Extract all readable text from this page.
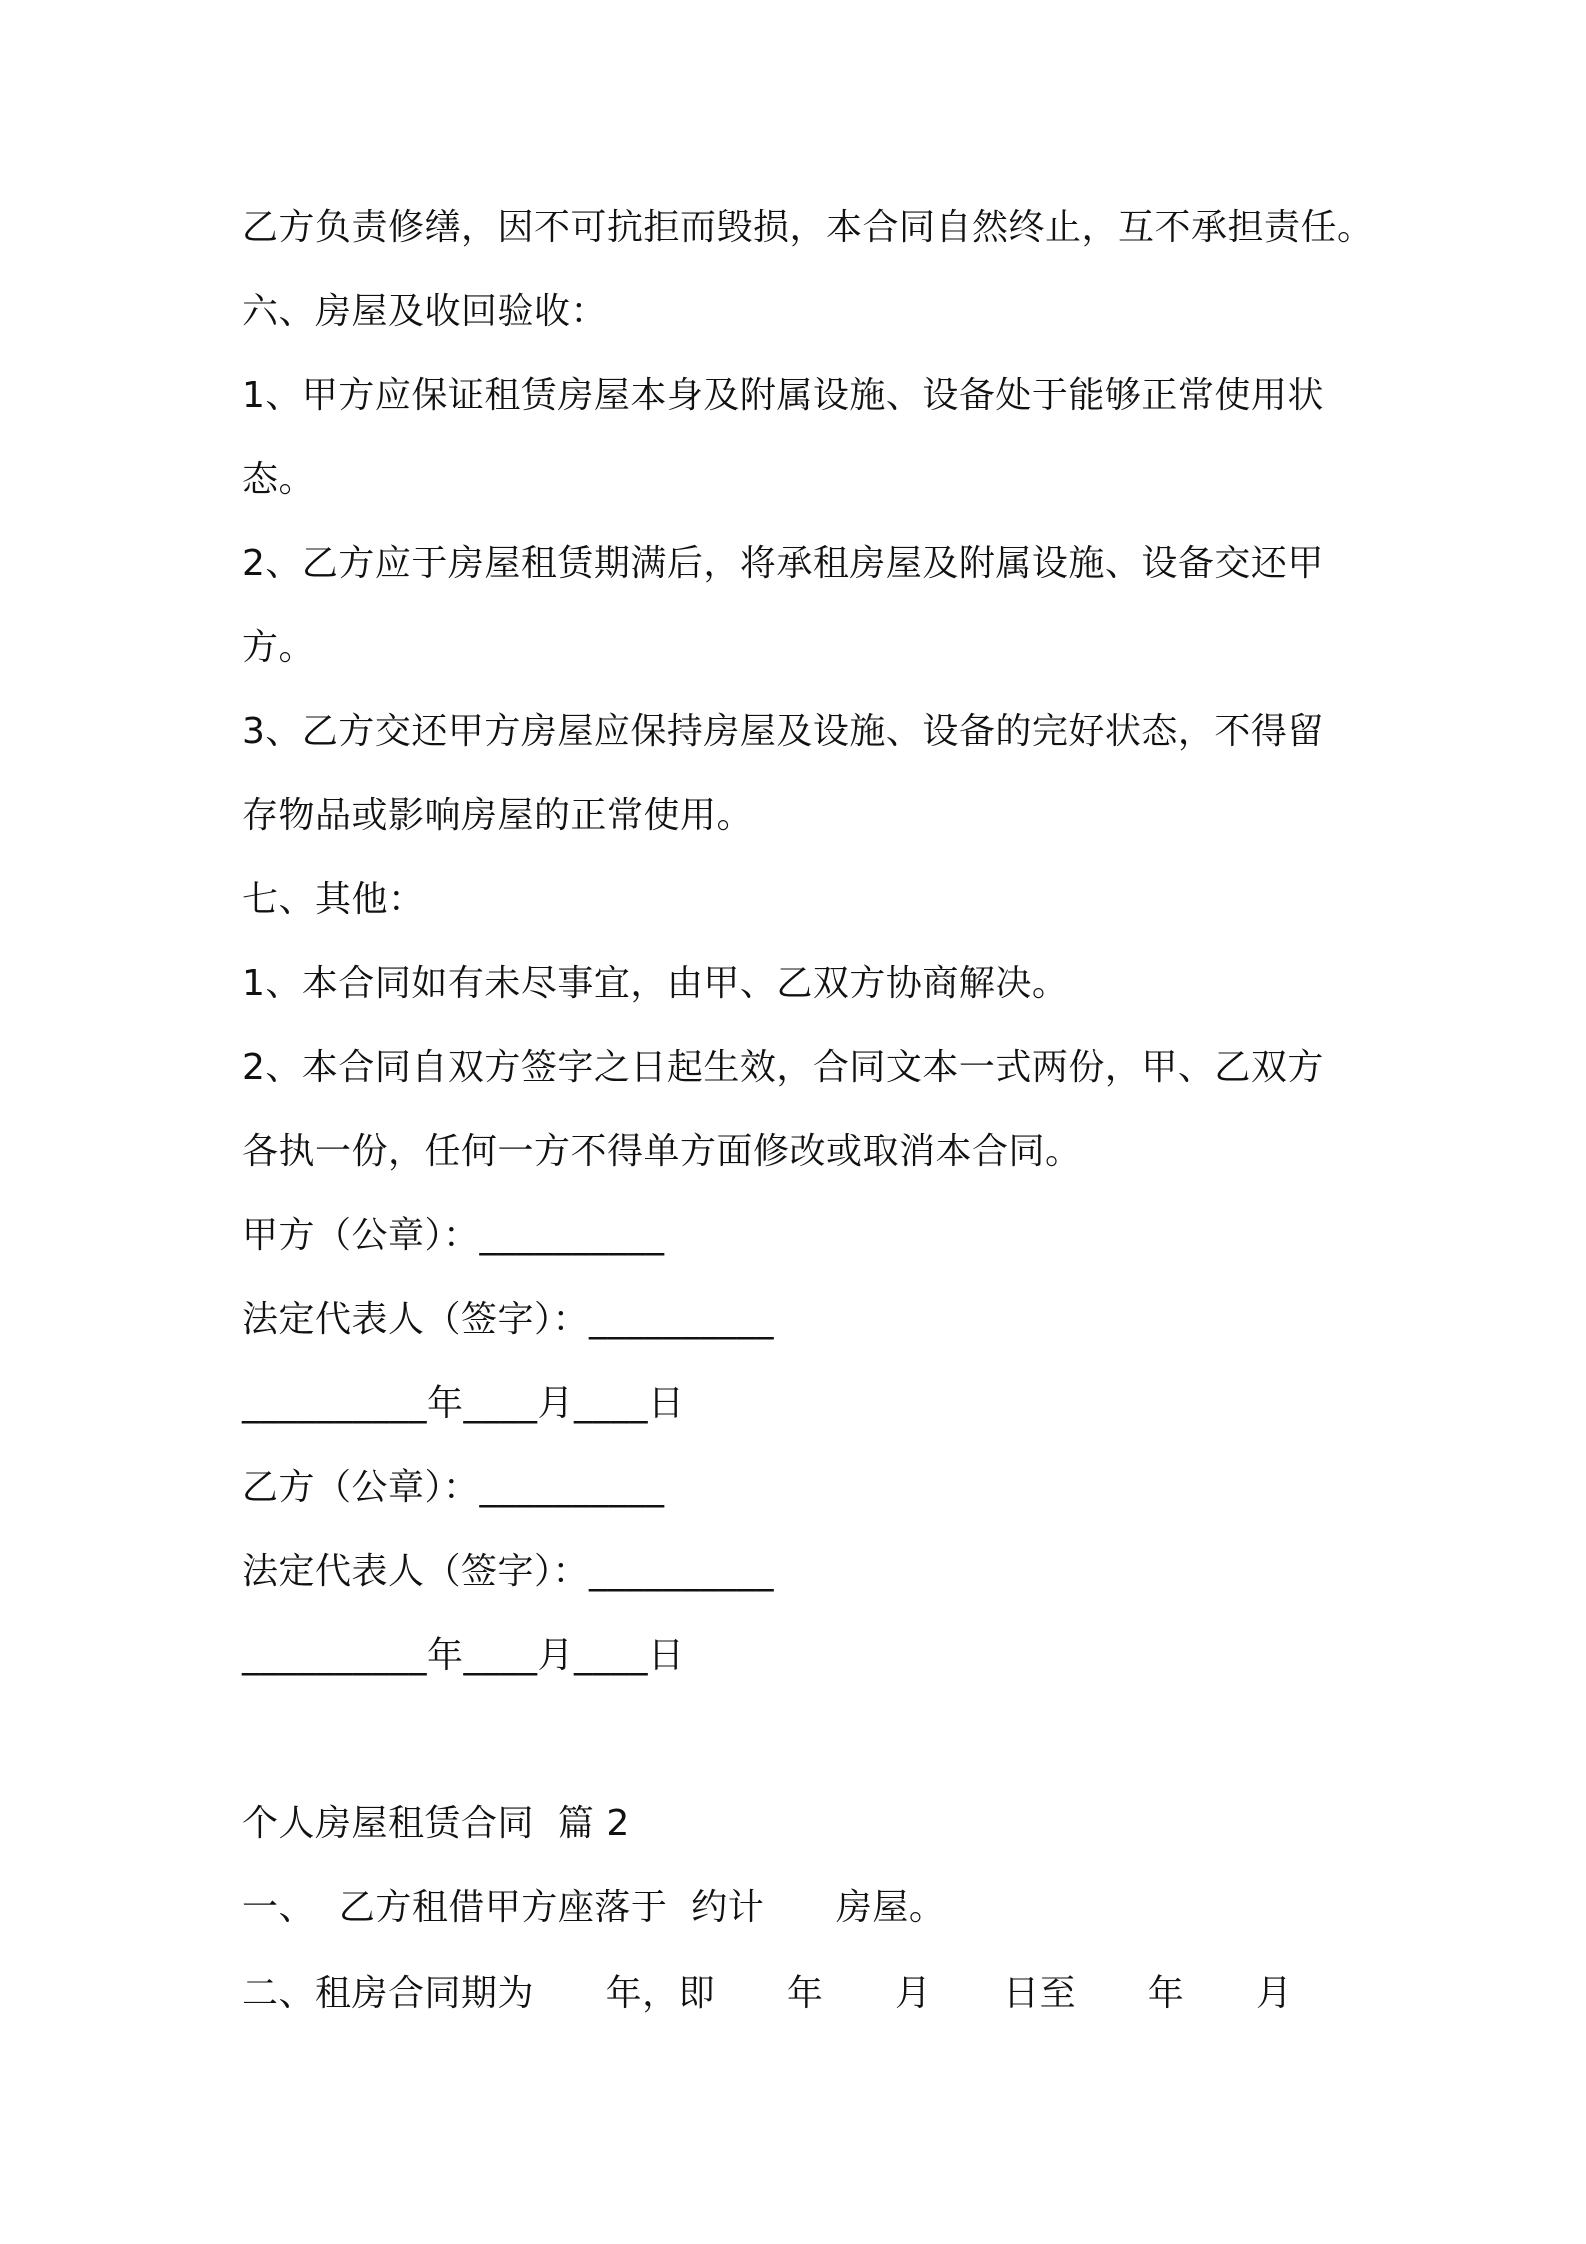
乙方负责修缮，因不可抗拒而毁损，本合同自然终止，互不承担责任。
六、房屋及收回验收：
1、甲方应保证租赁房屋本身及附属设施、设备处于能够正常使用状
态。
2、乙方应于房屋租赁期满后，将承租房屋及附属设施、设备交还甲
方。
3、乙方交还甲方房屋应保持房屋及设施、设备的完好状态，不得留
存物品或影响房屋的正常使用。
七、其他：
1、本合同如有未尽事宜，由甲、乙双方协商解决。
2、本合同自双方签字之日起生效，合同文本一式两份，甲、乙双方
各执一份，任何一方不得单方面修改或取消本合同。
甲方（公章）：__________
法定代表人（签字）：__________
__________年____月____日
乙方（公章）：__________
法定代表人（签字）：__________
__________年____月____日
个人房屋租赁合同  篇 2
一、  乙方租借甲方座落于  约计      房屋。
二、租房合同期为      年，即      年      月      日至      年      月
